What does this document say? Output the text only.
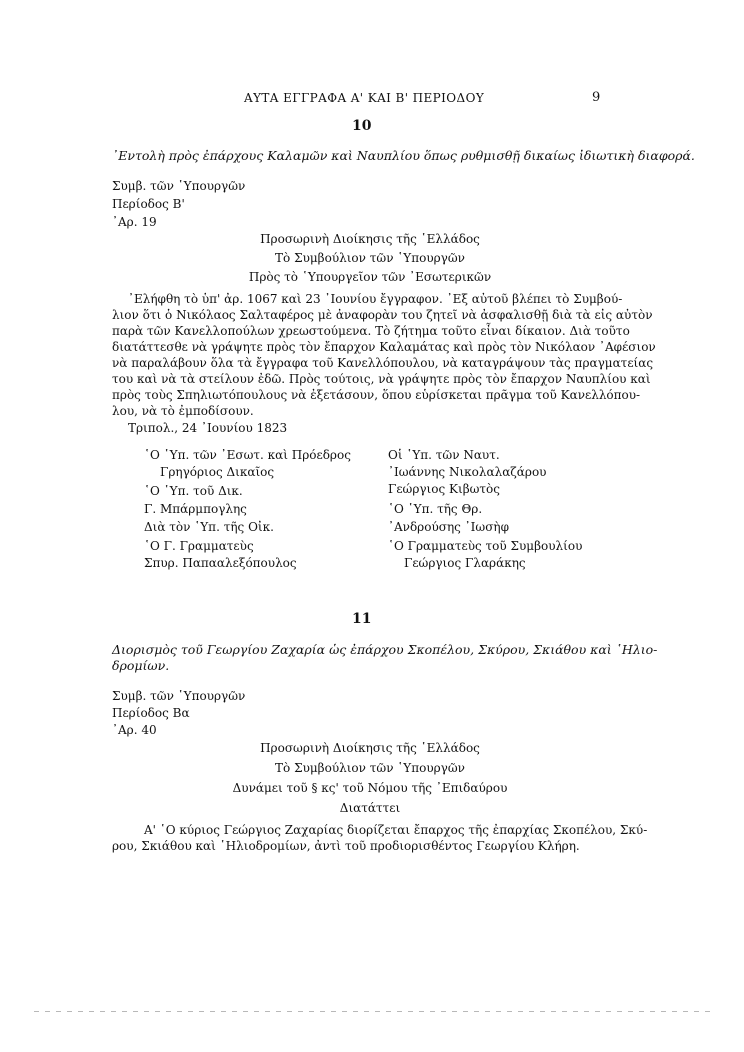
ΑΥΤΑ ΕΓΓΡΑΦΑ Α' ΚΑΙ Β' ΠΕΡΙΟΔΟΥ	9
10
᾿Εντολὴ πρὸς ἐπάρχους Καλαμῶν καὶ Ναυπλίου ὅπως ρυθμισθῇ δικαίως ἰδιωτικὴ διαφορά.
Συμβ. τῶν ῾Υπουργῶν
Περίοδος Β'
᾿Αρ. 19
Προσωρινὴ Διοίκησις τῆς ῾Ελλάδος
Τὸ Συμβούλιον τῶν ῾Υπουργῶν
Πρὸς τὸ ῾Υπουργεῖον τῶν ᾿Εσωτερικῶν
᾿Ελήφθη τὸ ὑπ' ἀρ. 1067 καὶ 23 ᾿Ιουνίου ἔγγραφον. ᾿Εξ αὐτοῦ βλέπει τὸ Συμβού-
λιον ὅτι ὁ Νικόλαος Σαλταφέρος μὲ ἀναφορὰν του ζητεῖ νὰ ἀσφαλισθῇ διὰ τὰ εἰς αὐτὸν
παρὰ τῶν Κανελλοπούλων χρεωστούμενα. Τὸ ζήτημα τοῦτο εἶναι δίκαιον. Διὰ τοῦτο
διατάττεσθε νὰ γράψητε πρὸς τὸν ἔπαρχον Καλαμάτας καὶ πρὸς τὸν Νικόλαον ᾿Αφέσιον
νὰ παραλάβουν ὅλα τὰ ἔγγραφα τοῦ Κανελλόπουλου, νὰ καταγράψουν τὰς πραγματείας
του καὶ νὰ τὰ στείλουν ἐδῶ. Πρὸς τούτοις, νὰ γράψητε πρὸς τὸν ἔπαρχον Ναυπλίου καὶ
πρὸς τοὺς Σπηλιωτόπουλους νὰ ἐξετάσουν, ὅπου εὑρίσκεται πρᾶγμα τοῦ Κανελλόπου-
λου, νὰ τὸ ἐμποδίσουν.
Τριπολ., 24 ᾿Ιουνίου 1823
῾Ο ῾Υπ. τῶν ᾿Εσωτ. καὶ Πρόεδρος
Γρηγόριος Δικαῖος
῾Ο ῾Υπ. τοῦ Δικ.
Γ. Μπάρμπογλης
Διὰ τὸν ῾Υπ. τῆς Οἰκ.
῾Ο Γ. Γραμματεὺς
Σπυρ. Παπααλεξόπουλος
Οἱ ῾Υπ. τῶν Ναυτ.
᾿Ιωάννης Νικολαλαζάρου
Γεώργιος Κιβωτὸς
῾Ο ῾Υπ. τῆς Θρ.
᾿Ανδρούσης ᾿Ιωσὴφ
῾Ο Γραμματεὺς τοῦ Συμβουλίου
Γεώργιος Γλαράκης
11
Διορισμὸς τοῦ Γεωργίου Ζαχαρία ὡς ἐπάρχου Σκοπέλου, Σκύρου, Σκιάθου καὶ ῾Ηλιο-
δρομίων.
Συμβ. τῶν ῾Υπουργῶν
Περίοδος Βα
᾿Αρ. 40
Προσωρινὴ Διοίκησις τῆς ῾Ελλάδος
Τὸ Συμβούλιον τῶν ῾Υπουργῶν
Δυνάμει τοῦ § κς' τοῦ Νόμου τῆς ᾿Επιδαύρου
Διατάττει
Α' ῾Ο κύριος Γεώργιος Ζαχαρίας διορίζεται ἔπαρχος τῆς ἐπαρχίας Σκοπέλου, Σκύ-
ρου, Σκιάθου καὶ ῾Ηλιοδρομίων, ἀντὶ τοῦ προδιορισθέντος Γεωργίου Κλήρη.
